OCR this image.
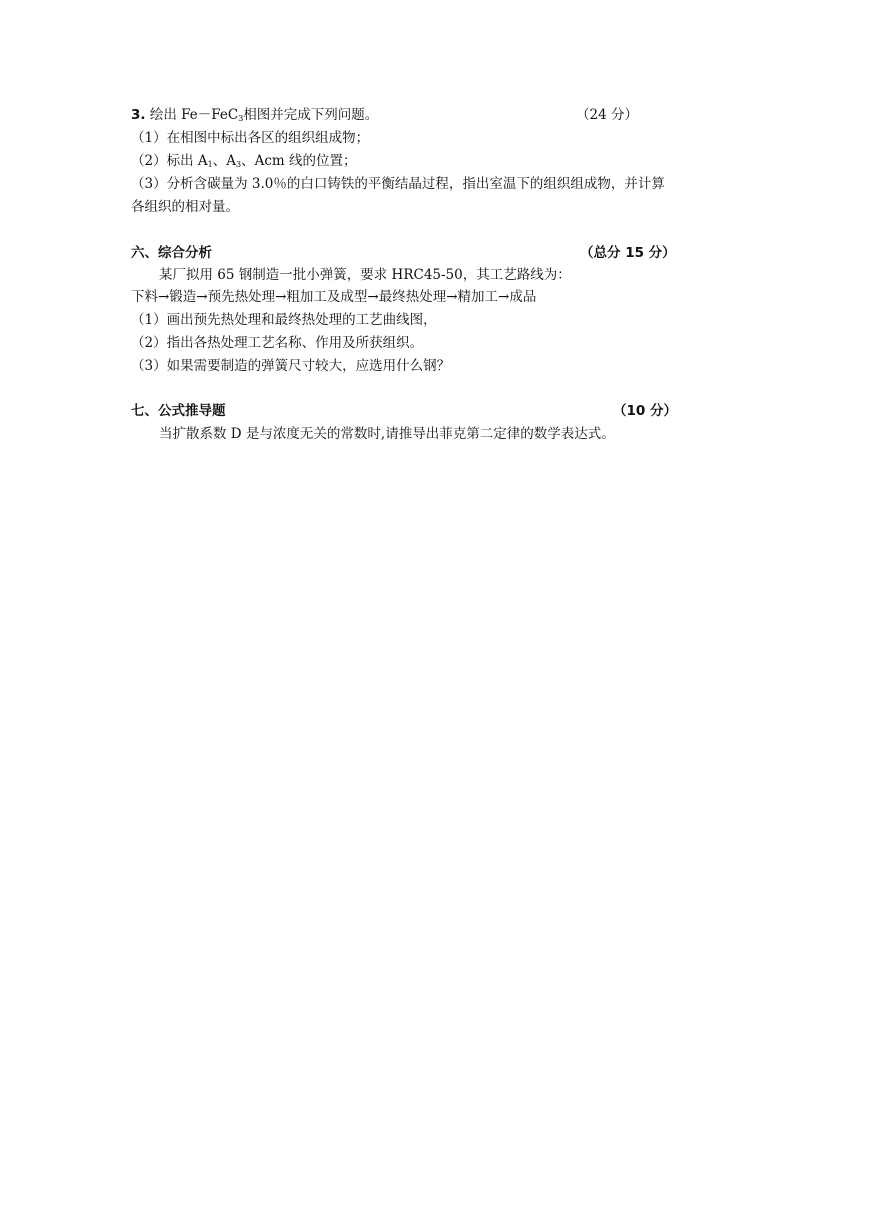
3. 绘出 Fe－FeC$_3$相图并完成下列问题。	（24 分）
（1）在相图中标出各区的组织组成物；
（2）标出 $A_1$、$A_3$、Acm 线的位置；
（3）分析含碳量为 3.0％的白口铸铁的平衡结晶过程，指出室温下的组织组成物，并计算
各组织的相对量。
六、综合分析	（总分 15 分）
某厂拟用 65 钢制造一批小弹簧，要求 HRC45-50，其工艺路线为：
下料→锻造→预先热处理→粗加工及成型→最终热处理→精加工→成品
（1）画出预先热处理和最终热处理的工艺曲线图，
（2）指出各热处理工艺名称、作用及所获组织。
（3）如果需要制造的弹簧尺寸较大，应选用什么钢？
七、公式推导题	（10 分）
当扩散系数 D 是与浓度无关的常数时,请推导出菲克第二定律的数学表达式。
